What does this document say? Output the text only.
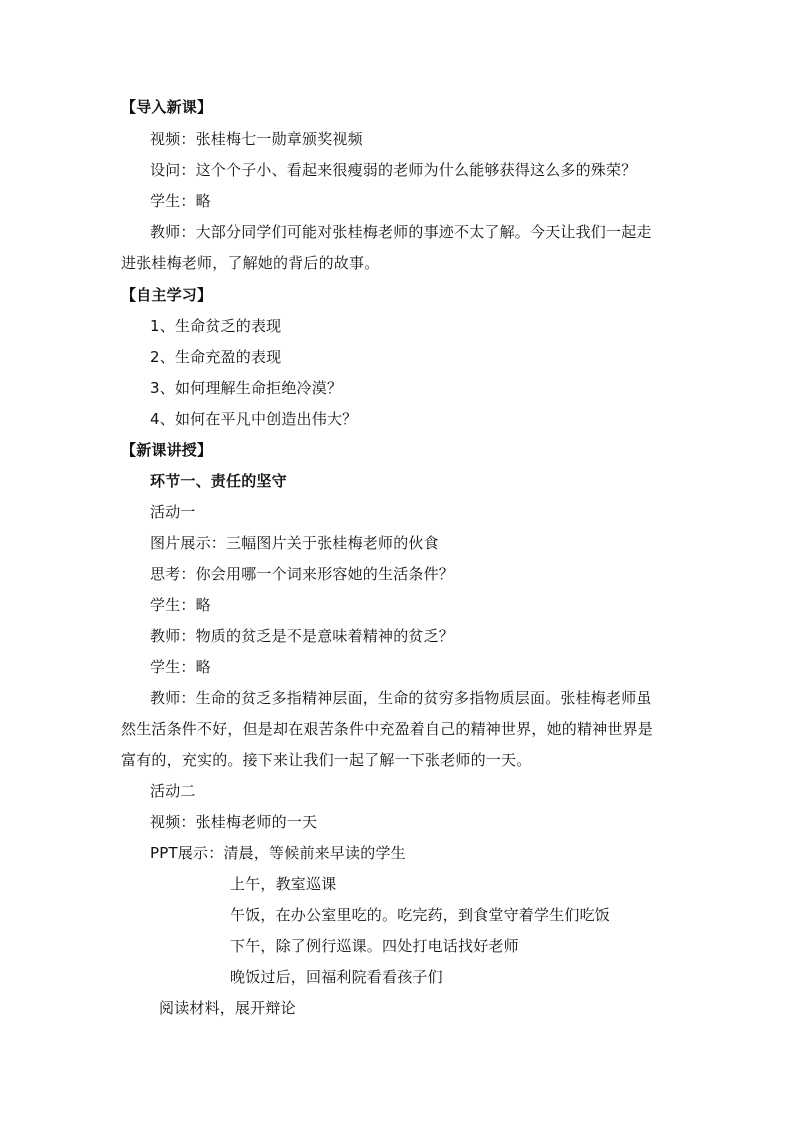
【导入新课】
视频：张桂梅七一勋章颁奖视频
设问：这个个子小、看起来很瘦弱的老师为什么能够获得这么多的殊荣？
学生：略
教师：大部分同学们可能对张桂梅老师的事迹不太了解。今天让我们一起走
进张桂梅老师，了解她的背后的故事。
【自主学习】
1、生命贫乏的表现
2、生命充盈的表现
3、如何理解生命拒绝冷漠？
4、如何在平凡中创造出伟大？
【新课讲授】
环节一、责任的坚守
活动一
图片展示：三幅图片关于张桂梅老师的伙食
思考：你会用哪一个词来形容她的生活条件？
学生：略
教师：物质的贫乏是不是意味着精神的贫乏？
学生：略
教师：生命的贫乏多指精神层面，生命的贫穷多指物质层面。张桂梅老师虽
然生活条件不好，但是却在艰苦条件中充盈着自己的精神世界，她的精神世界是
富有的，充实的。接下来让我们一起了解一下张老师的一天。
活动二
视频：张桂梅老师的一天
PPT展示：清晨，等候前来早读的学生
上午，教室巡课
午饭，在办公室里吃的。吃完药，到食堂守着学生们吃饭
下午，除了例行巡课。四处打电话找好老师
晚饭过后，回福利院看看孩子们
阅读材料，展开辩论
